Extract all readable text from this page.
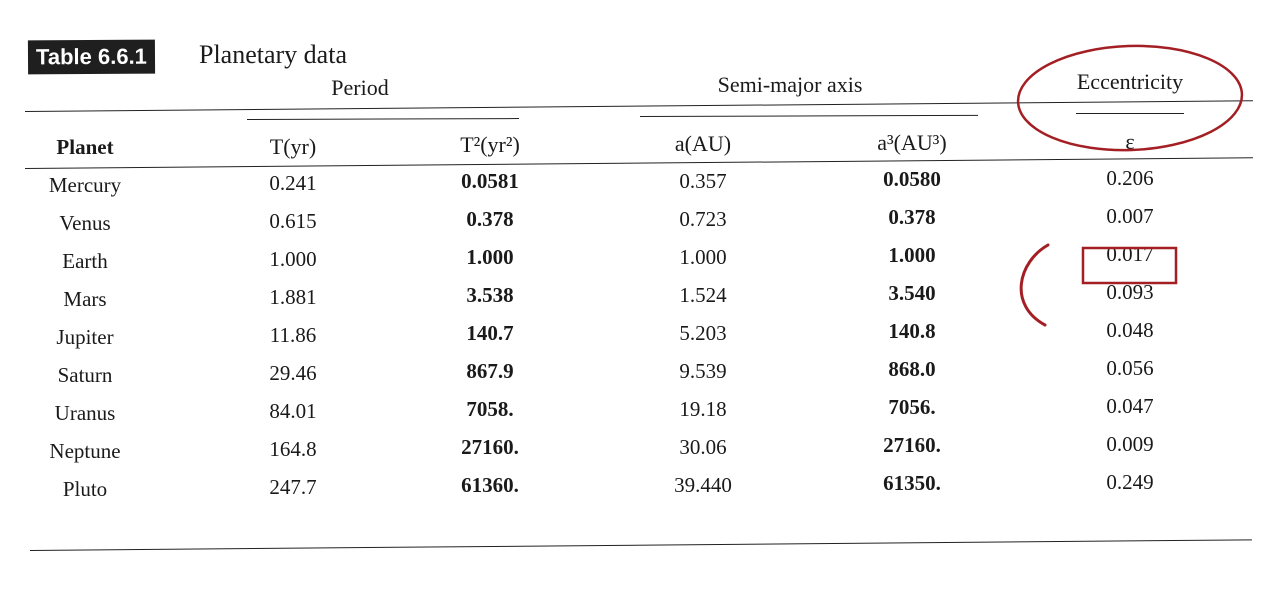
Table 6.6.1	Planetary data
Period	Semi-major axis	Eccentricity
Planet	T(yr)	T²(yr²)	a(AU)	a³(AU³)	ε
Mercury	0.241	0.0581	0.357	0.0580	0.206
Venus	0.615	0.378	0.723	0.378	0.007
Earth	1.000	1.000	1.000	1.000	0.017
Mars	1.881	3.538	1.524	3.540	0.093
Jupiter	11.86	140.7	5.203	140.8	0.048
Saturn	29.46	867.9	9.539	868.0	0.056
Uranus	84.01	7058.	19.18	7056.	0.047
Neptune	164.8	27160.	30.06	27160.	0.009
Pluto	247.7	61360.	39.440	61350.	0.249
